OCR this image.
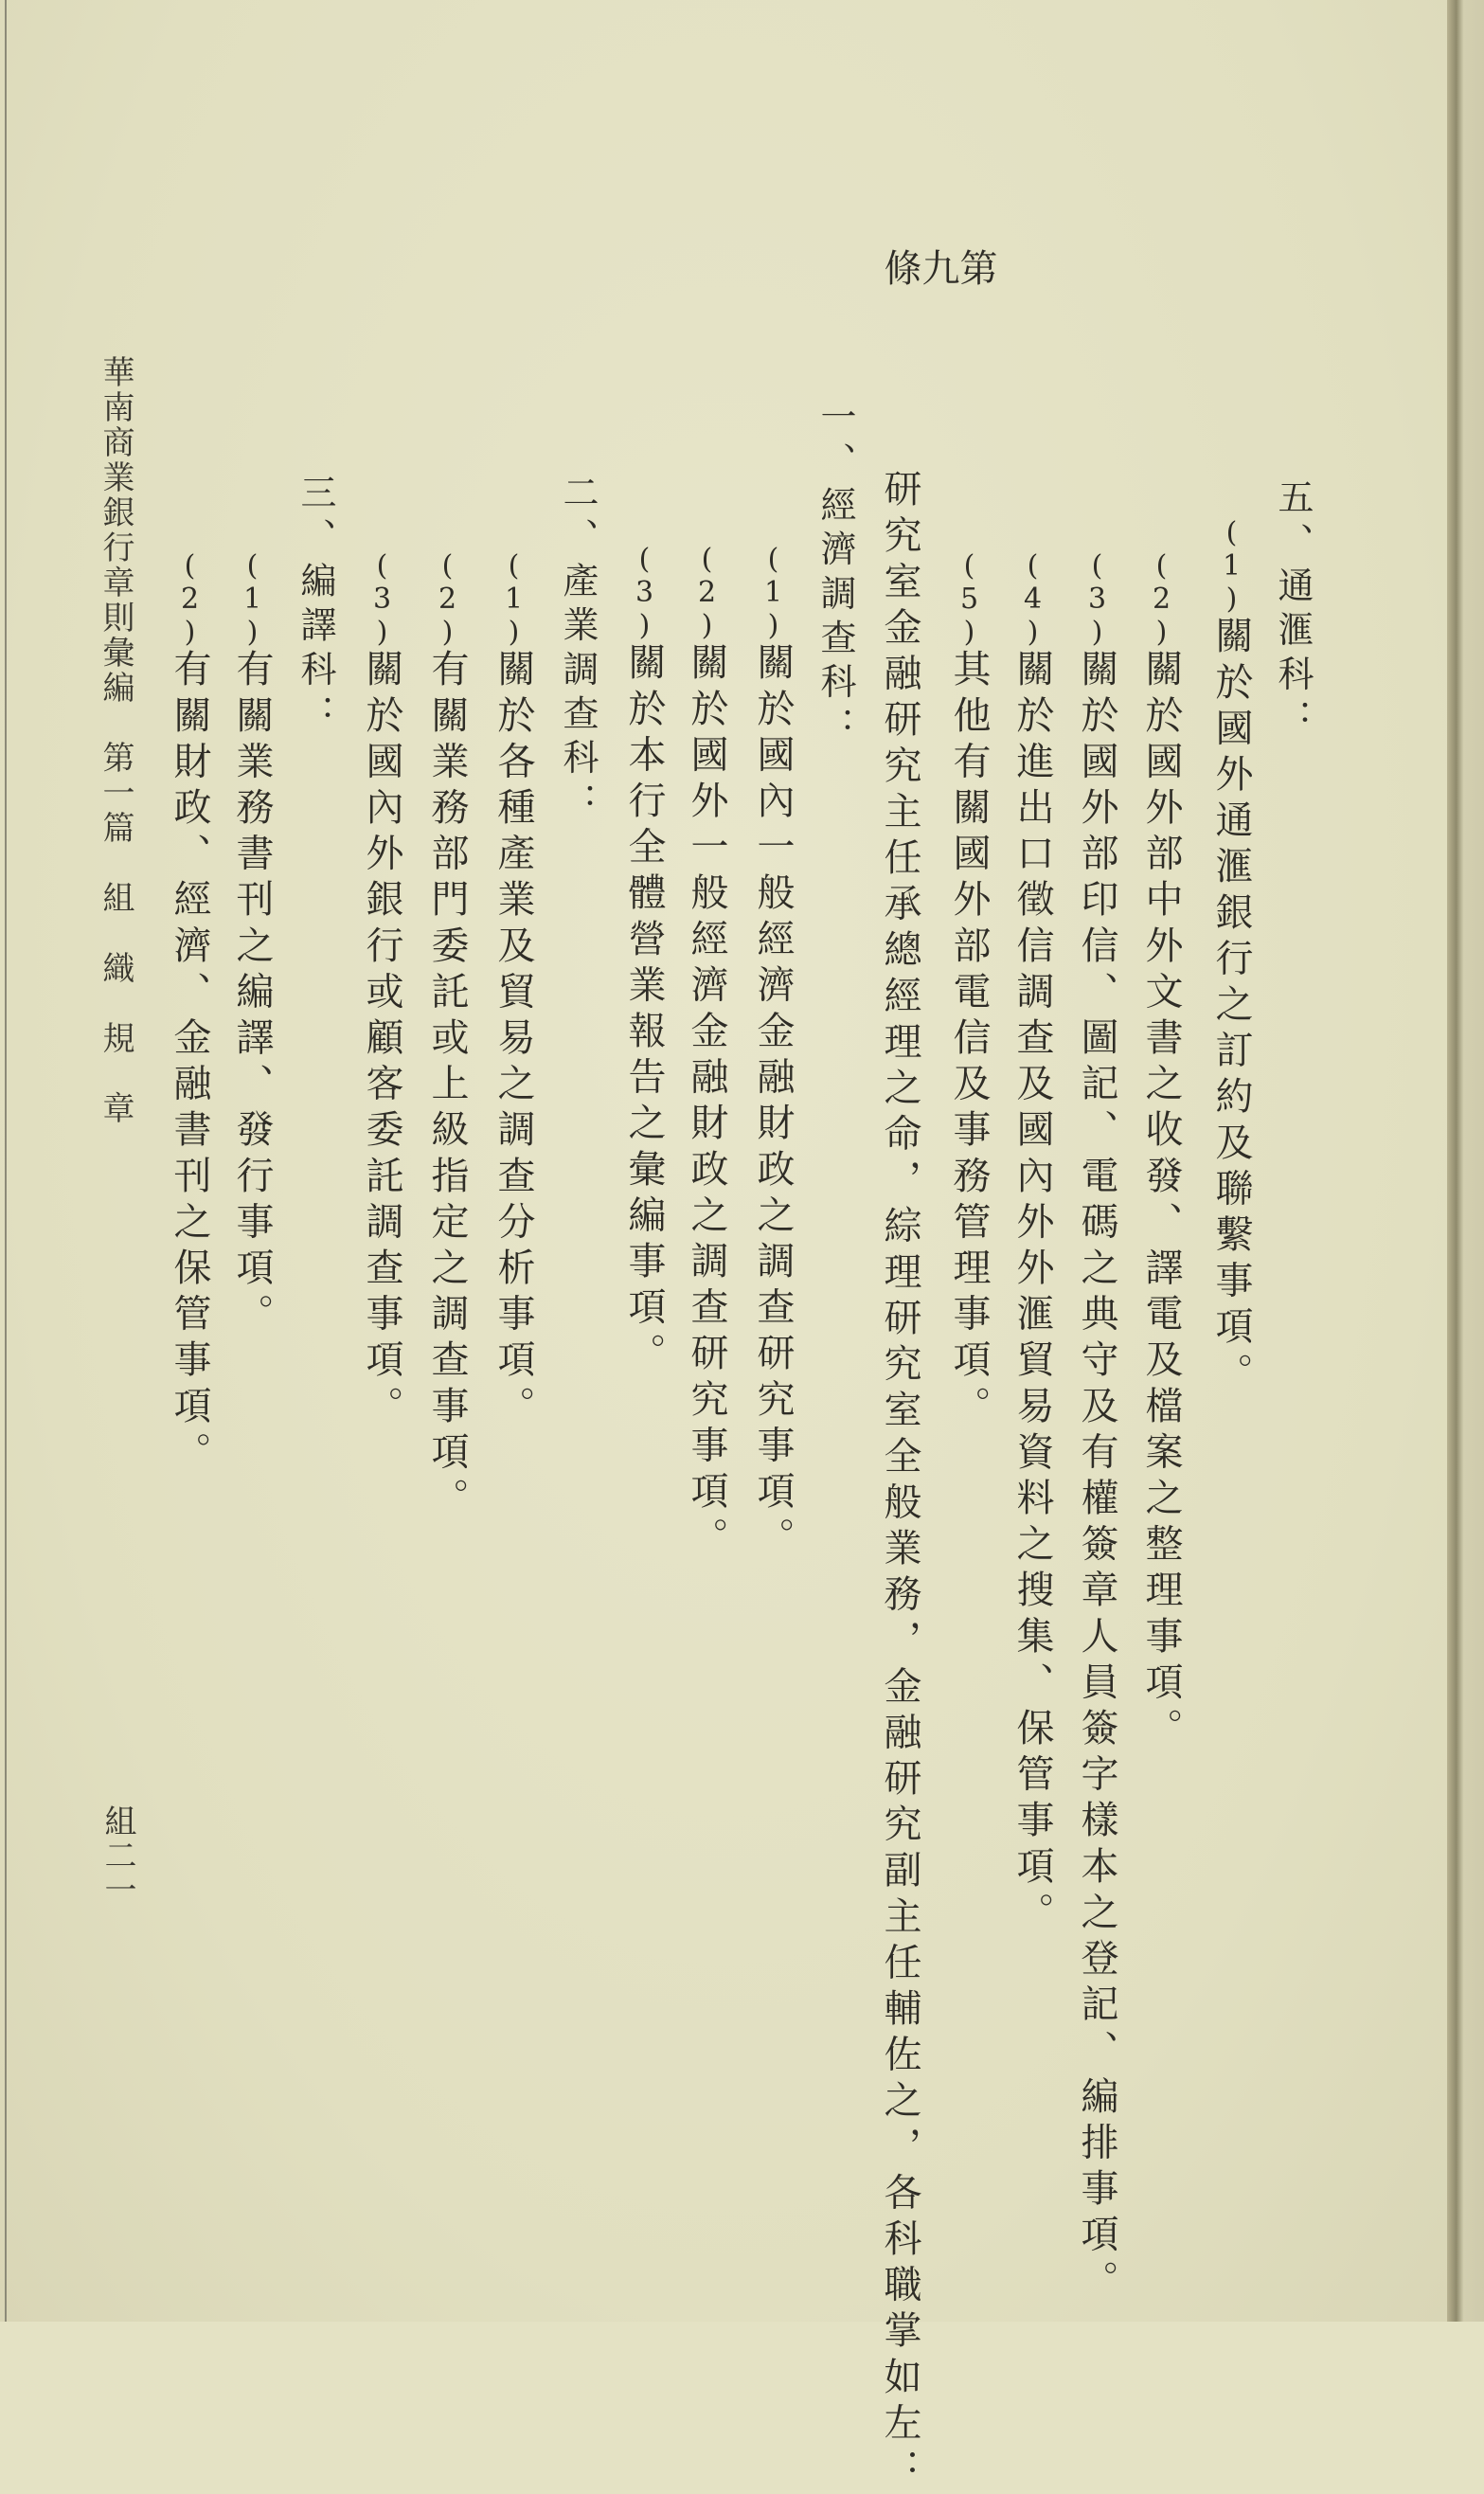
五、通滙科：
(1)關於國外通滙銀行之訂約及聯繫事項。
(2)關於國外部中外文書之收發、譯電及檔案之整理事項。
(3)關於國外部印信、圖記、電碼之典守及有權簽章人員簽字樣本之登記、編排事項。
(4)關於進出口徵信調查及國內外外滙貿易資料之搜集、保管事項。
(5)其他有關國外部電信及事務管理事項。
第
九
條
研究室金融研究主任承總經理之命，綜理研究室全般業務，金融研究副主任輔佐之，各科職掌如左：
一、經濟調查科：
(1)關於國內一般經濟金融財政之調查研究事項。
(2)關於國外一般經濟金融財政之調查研究事項。
(3)關於本行全體營業報告之彙編事項。
二、產業調查科：
(1)關於各種產業及貿易之調查分析事項。
(2)有關業務部門委託或上級指定之調查事項。
(3)關於國內外銀行或顧客委託調查事項。
三、編譯科：
(1)有關業務書刊之編譯、發行事項。
(2)有關財政、經濟、金融書刊之保管事項。
華南商業銀行章則彙編　第一篇　組　織　規　章
組二一
